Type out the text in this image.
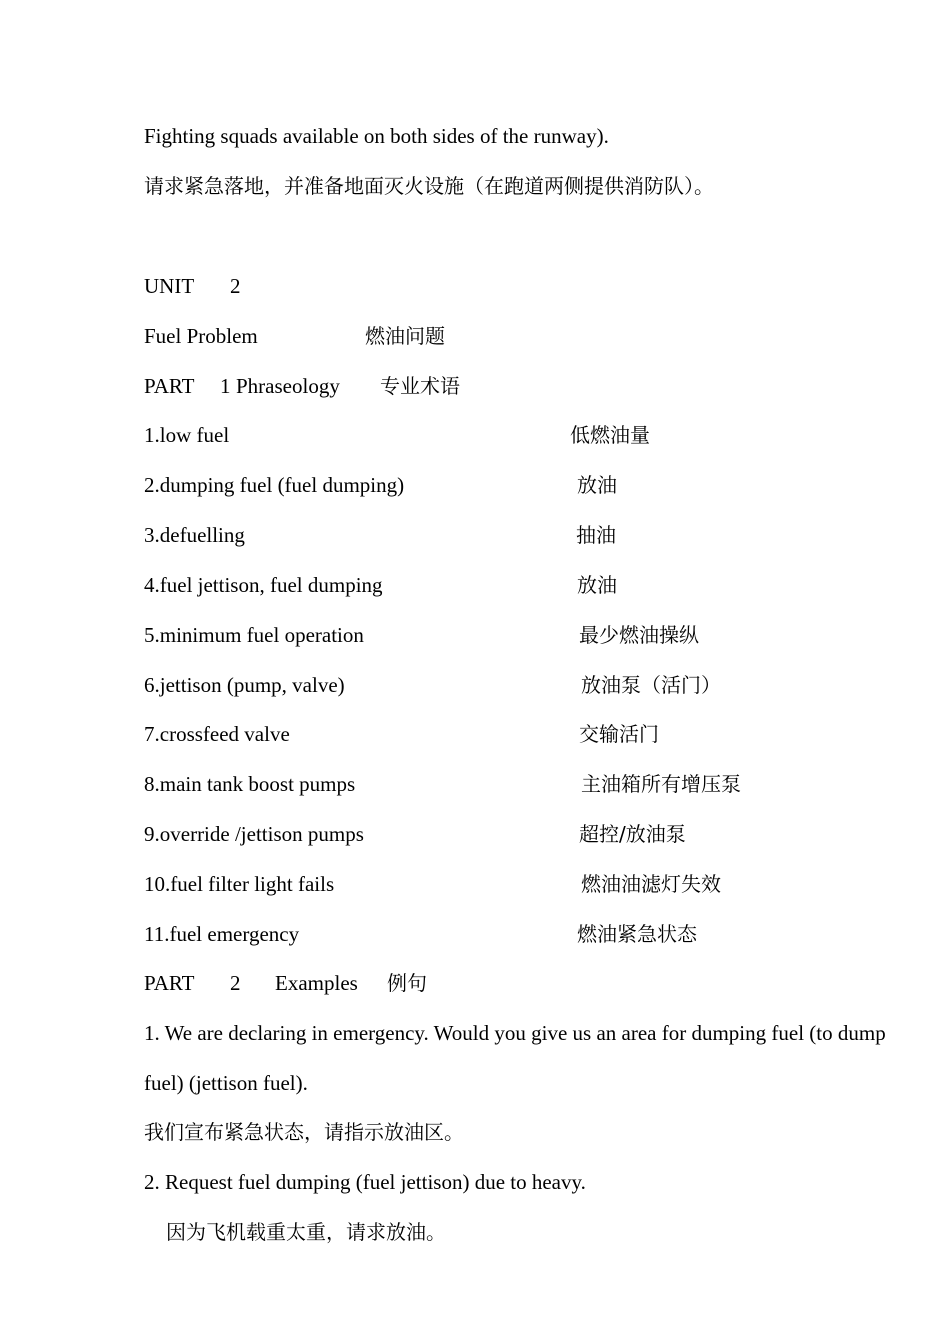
Fighting squads available on both sides of the runway).
请求紧急落地，并准备地面灭火设施（在跑道两侧提供消防队）。
UNIT 2
Fuel Problem	燃油问题
PART 1 Phraseology 专业术语
1.low fuel	低燃油量
2.dumping fuel (fuel dumping)	放油
3.defuelling	抽油
4.fuel jettison, fuel dumping	放油
5.minimum fuel operation	最少燃油操纵
6.jettison (pump, valve)	放油泵（活门）
7.crossfeed valve	交输活门
8.main tank boost pumps	主油箱所有增压泵
9.override /jettison pumps	超控/放油泵
10.fuel filter light fails	燃油油滤灯失效
11.fuel emergency	燃油紧急状态
PART 2 Examples 例句
1. We are declaring in emergency. Would you give us an area for dumping fuel (to dump
fuel) (jettison fuel).
我们宣布紧急状态，请指示放油区。
2. Request fuel dumping (fuel jettison) due to heavy.
因为飞机载重太重，请求放油。
